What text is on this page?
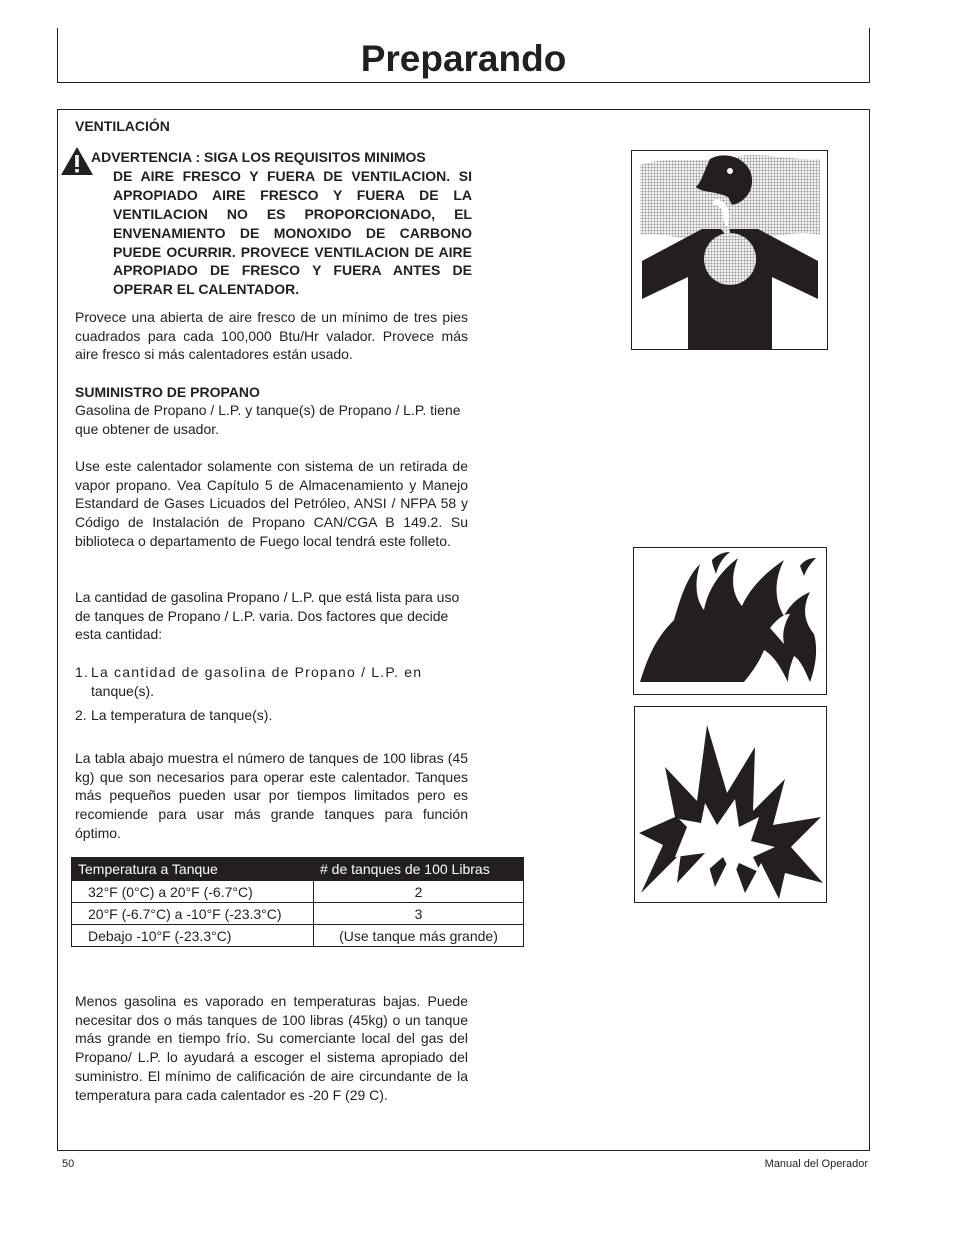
Preparando
VENTILACIÓN
ADVERTENCIA : SIGA LOS REQUISITOS MINIMOS
DE AIRE FRESCO Y FUERA DE VENTILACION. SI APROPIADO AIRE FRESCO Y FUERA DE LA VENTILACION NO ES PROPORCIONADO, EL ENVENAMIENTO DE MONOXIDO DE CARBONO PUEDE OCURRIR. PROVECE VENTILACION DE AIRE APROPIADO DE FRESCO Y FUERA ANTES DE OPERAR EL CALENTADOR.
Provece una abierta de aire fresco de un mínimo de tres pies cuadrados para cada 100,000 Btu/Hr valador. Provece más aire fresco si más calentadores están usado.
SUMINISTRO DE PROPANO
Gasolina de Propano / L.P. y tanque(s) de Propano / L.P. tiene que obtener de usador.
Use este calentador solamente con sistema de un retirada de vapor propano. Vea Capítulo 5 de Almacenamiento y Manejo Estandard de Gases Licuados del Petróleo, ANSI / NFPA 58 y Código de Instalación de Propano CAN/CGA B 149.2. Su biblioteca o departamento de Fuego local tendrá este folleto.
La cantidad de gasolina Propano / L.P. que está lista para uso de tanques de Propano / L.P. varia. Dos factores que decide esta cantidad:
1. La cantidad de gasolina de Propano / L.P. en
tanque(s).
2. La temperatura de tanque(s).
La tabla abajo muestra el número de tanques de 100 libras (45 kg) que son necesarios para operar este calentador. Tanques más pequeños pueden usar por tiempos limitados pero es recomiende para usar más grande tanques para función óptimo.
Temperatura a Tanque	# de tanques de 100 Libras
32°F (0°C) a 20°F (-6.7°C)	2
20°F (-6.7°C) a -10°F (-23.3°C)	3
Debajo -10°F (-23.3°C)	(Use tanque más grande)
Menos gasolina es vaporado en temperaturas bajas. Puede necesitar dos o más tanques de 100 libras (45kg) o un tanque más grande en tiempo frío. Su comerciante local del gas del Propano/ L.P. lo ayudará a escoger el sistema apropiado del suministro. El mínimo de calificación de aire circundante de la temperatura para cada calentador es -20 F (29 C).
50	Manual del Operador
